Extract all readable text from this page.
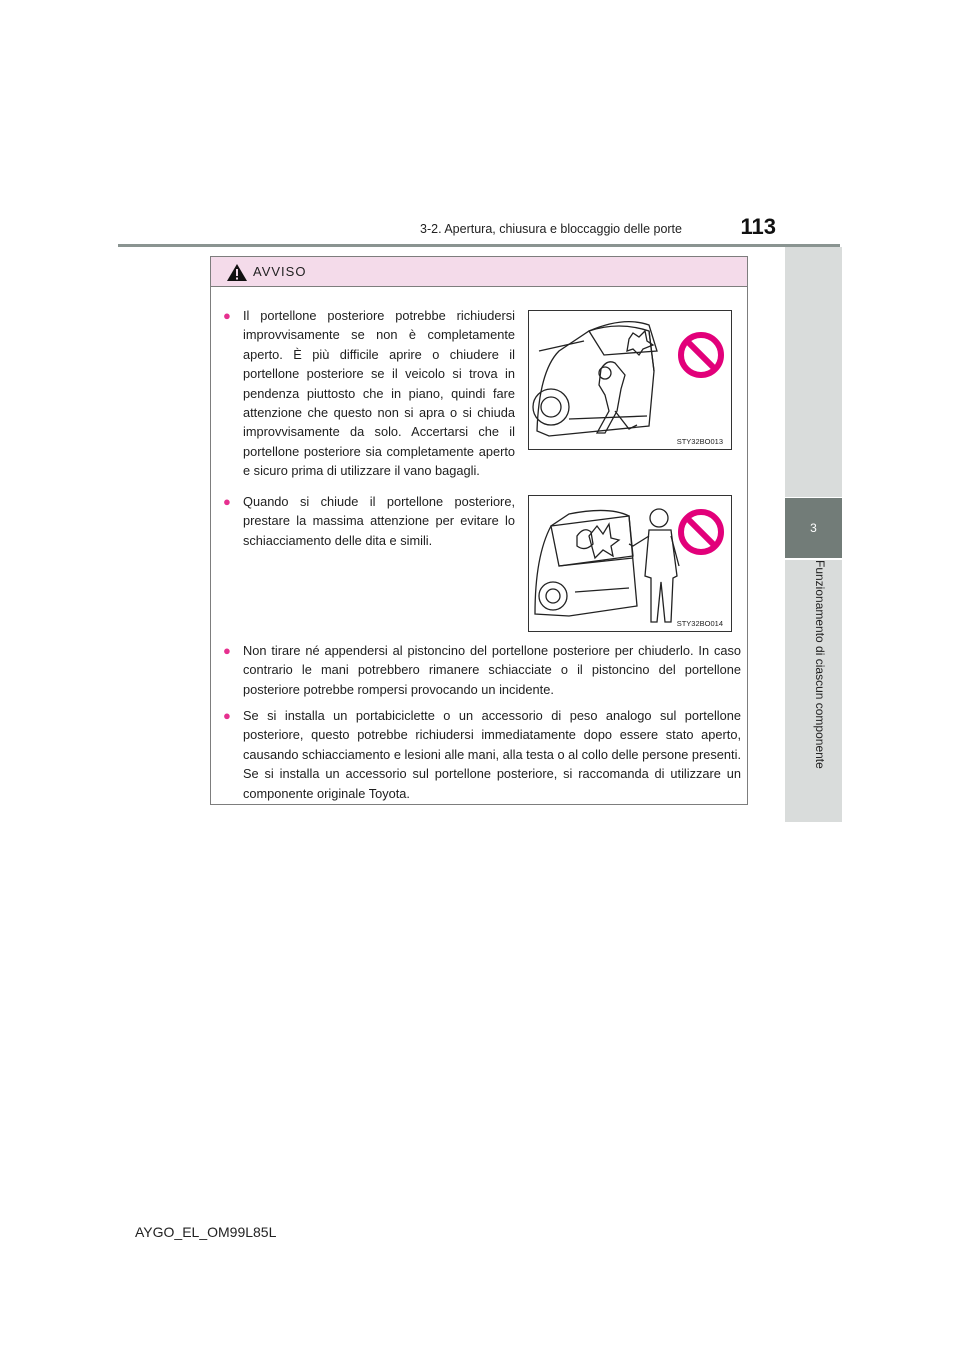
3-2. Apertura, chiusura e bloccaggio delle porte	113
3
Funzionamento di ciascun componente
AVVISO
● Il portellone posteriore potrebbe richiudersi improvvisamente se non è completamente aperto. È più difficile aprire o chiudere il portellone posteriore se il veicolo si trova in pendenza piuttosto che in piano, quindi fare attenzione che questo non si apra o si chiuda improvvisamente da solo. Accertarsi che il portellone posteriore sia completamente aperto e sicuro prima di utilizzare il vano bagagli.
STY32BO013
● Quando si chiude il portellone posteriore, prestare la massima attenzione per evitare lo schiacciamento delle dita e simili.
STY32BO014
● Non tirare né appendersi al pistoncino del portellone posteriore per chiuderlo. In caso contrario le mani potrebbero rimanere schiacciate o il pistoncino del portellone posteriore potrebbe rompersi provocando un incidente.
● Se si installa un portabiciclette o un accessorio di peso analogo sul portellone posteriore, questo potrebbe richiudersi immediatamente dopo essere stato aperto, causando schiacciamento e lesioni alle mani, alla testa o al collo delle persone presenti. Se si installa un accessorio sul portellone posteriore, si raccomanda di utilizzare un componente originale Toyota.
AYGO_EL_OM99L85L
